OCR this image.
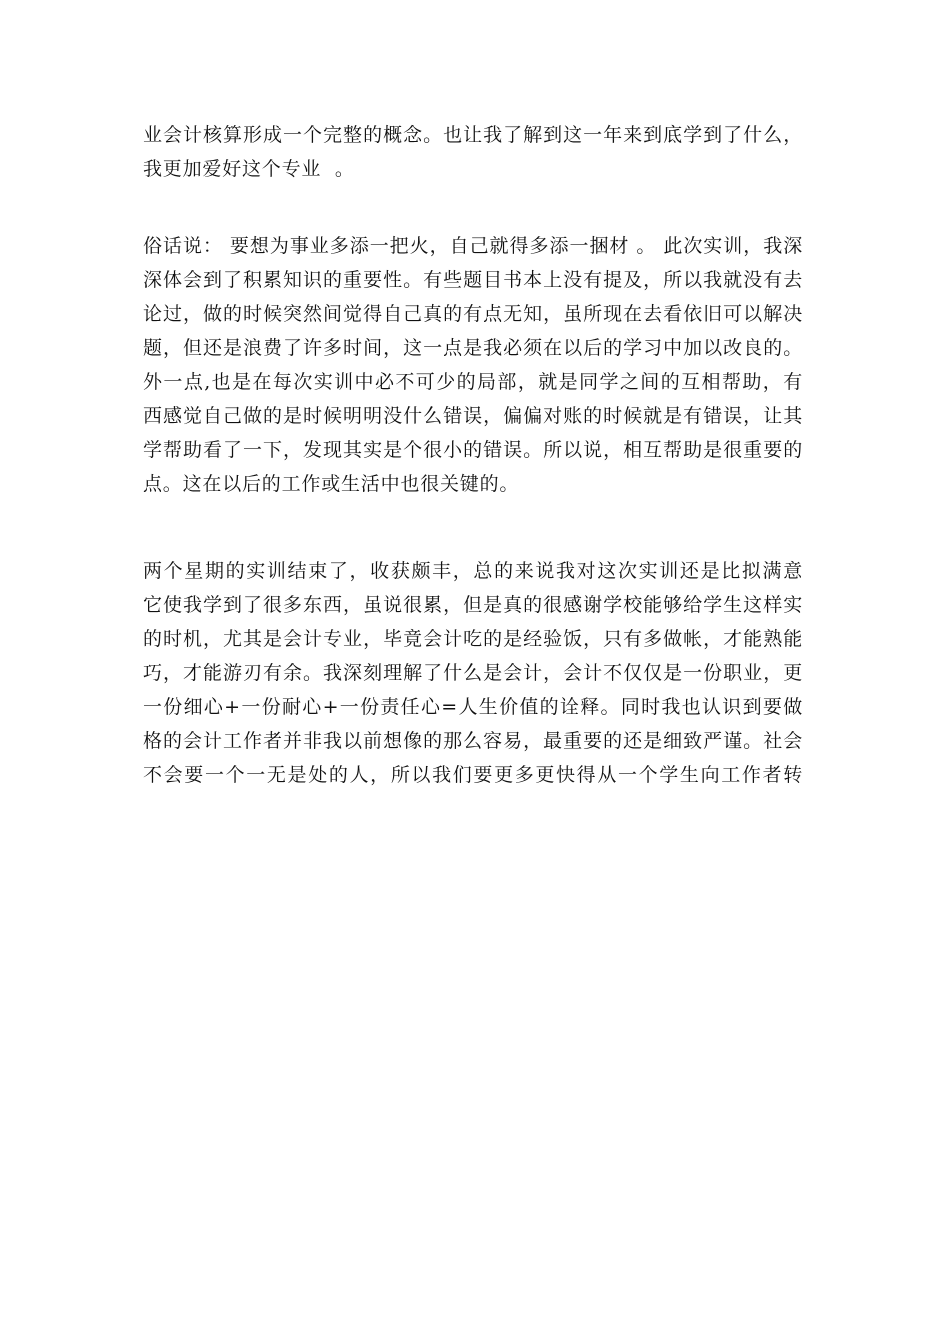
业会计核算形成一个完整的概念。也让我了解到这一年来到底学到了什么，
我更加爱好这个专业  。
俗话说： 要想为事业多添一把火，自己就得多添一捆材 。 此次实训，我深
深体会到了积累知识的重要性。有些题目书本上没有提及，所以我就没有去
论过，做的时候突然间觉得自己真的有点无知，虽所现在去看依旧可以解决
题，但还是浪费了许多时间，这一点是我必须在以后的学习中加以改良的。
外一点,也是在每次实训中必不可少的局部，就是同学之间的互相帮助，有
西感觉自己做的是时候明明没什么错误，偏偏对账的时候就是有错误，让其
学帮助看了一下，发现其实是个很小的错误。所以说，相互帮助是很重要的
点。这在以后的工作或生活中也很关键的。
两个星期的实训结束了，收获颇丰，总的来说我对这次实训还是比拟满意
它使我学到了很多东西，虽说很累，但是真的很感谢学校能够给学生这样实
的时机，尤其是会计专业，毕竟会计吃的是经验饭，只有多做帐，才能熟能
巧，才能游刃有余。我深刻理解了什么是会计，会计不仅仅是一份职业，更
一份细心+一份耐心+一份责任心=人生价值的诠释。同时我也认识到要做
格的会计工作者并非我以前想像的那么容易，最重要的还是细致严谨。社会
不会要一个一无是处的人，所以我们要更多更快得从一个学生向工作者转
